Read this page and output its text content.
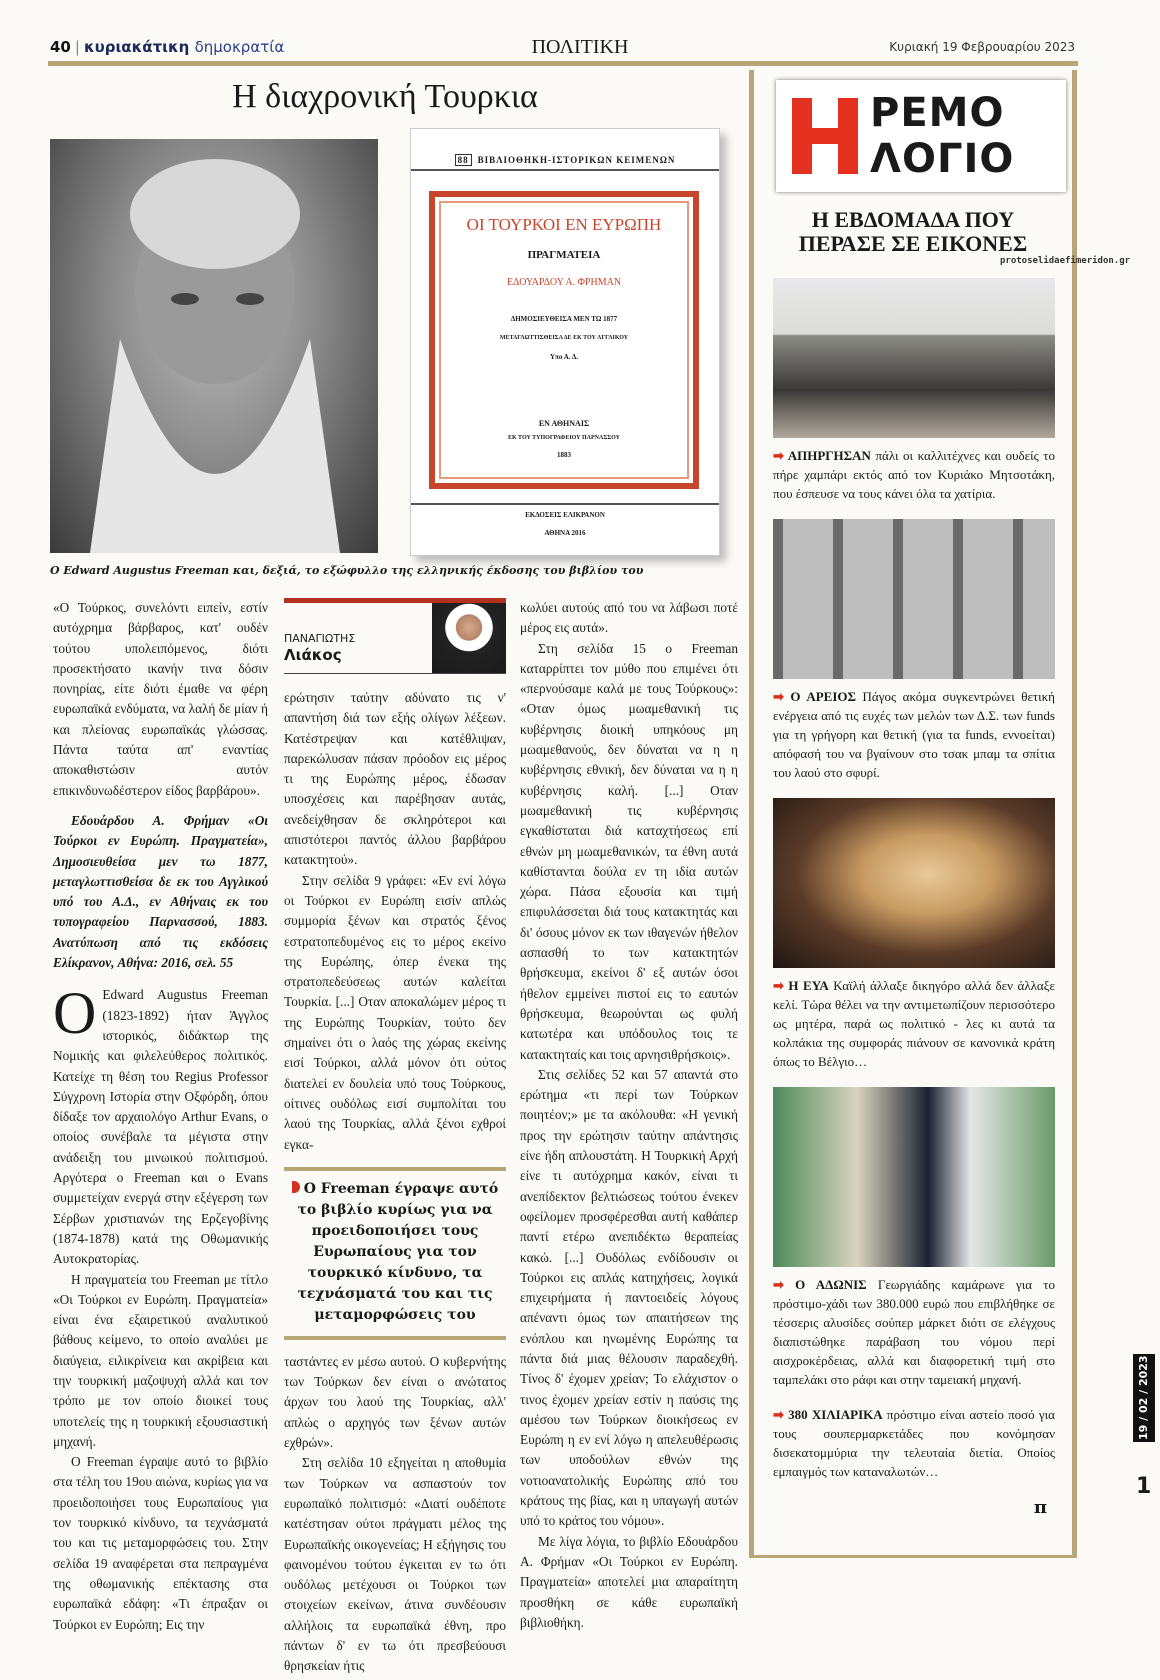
40 | κυριακάτικη δημοκρατία	ΠΟΛΙΤΙΚΗ	Κυριακή 19 Φεβρουαρίου 2023
Η διαχρονική Τουρκια
88 ΒΙΒΛΙΟΘΗΚΗ-ΙΣΤΟΡΙΚΩΝ ΚΕΙΜΕΝΩΝ
ΟΙ ΤΟΥΡΚΟΙ ΕΝ ΕΥΡΩΠΗ
ΠΡΑΓΜΑΤΕΙΑ
ΕΔΟΥΑΡΔΟΥ Α. ΦΡΗΜΑΝ
ΔΗΜΟΣΙΕΥΘΕΙΣΑ ΜΕΝ ΤΩ 1877
ΜΕΤΑΓΛΩΤΤΙΣΘΕΙΣΑ ΔΕ ΕΚ ΤΟΥ ΑΓΓΛΙΚΟΥ
Υπο Α. Δ.
ΕΝ ΑΘΗΝΑΙΣ
ΕΚ ΤΟΥ ΤΥΠΟΓΡΑΦΕΙΟΥ ΠΑΡΝΑΣΣΟΥ
1883
ΕΚΔΟΣΕΙΣ ΕΛΙΚΡΑΝΟΝ
ΑΘΗΝΑ 2016
Ο Edward Augustus Freeman και, δεξιά, το εξώφυλλο της ελληνικής έκδοσης του βιβλίου του

«Ο Τούρκος, συνελόντι ειπείν, εστίν αυτόχρημα βάρβαρος, κατ' ουδέν τούτου υπολειπόμενος, διότι προσεκτήσατο ικανήν τινα δόσιν πονηρίας, είτε διότι έμαθε να φέρη ευρωπαϊκά ενδύματα, να λαλή δε μίαν ή και πλείονας ευρωπαϊκάς γλώσσας. Πάντα ταύτα απ' εναντίας αποκαθιστώσιν αυτόν επικινδυνωδέστερον είδος βαρβάρου».

Εδουάρδου Α. Φρήμαν «Οι Τούρκοι εν Ευρώπη. Πραγματεία», Δημοσιευθείσα μεν τω 1877, μεταγλωττισθείσα δε εκ του Αγγλικού υπό του Α.Δ., εν Αθήναις εκ του τυπογραφείου Παρνασσού, 1883. Ανατύπωση από τις εκδόσεις Ελίκρανον, Αθήνα: 2016, σελ. 55

Ο Edward Augustus Freeman (1823-1892) ήταν Άγγλος ιστορικός, διδάκτωρ της Νομικής και φιλελεύθερος πολιτικός. Κατείχε τη θέση του Regius Professor Σύγχρονη Ιστορία στην Οξφόρδη, όπου δίδαξε τον αρχαιολόγο Arthur Evans, ο οποίος συνέβαλε τα μέγιστα στην ανάδειξη του μινωικού πολιτισμού. Αργότερα ο Freeman και ο Evans συμμετείχαν ενεργά στην εξέγερση των Σέρβων χριστιανών της Ερζεγοβίνης (1874-1878) κατά της Οθωμανικής Αυτοκρατορίας.

Η πραγματεία του Freeman με τίτλο «Οι Τούρκοι εν Ευρώπη. Πραγματεία» είναι ένα εξαιρετικού αναλυτικού βάθους κείμενο, το οποίο αναλύει με διαύγεια, ειλικρίνεια και ακρίβεια και την τουρκική μαζοψυχή αλλά και τον τρόπο με τον οποίο διοικεί τους υποτελείς της η τουρκική εξουσιαστική μηχανή.

Ο Freeman έγραψε αυτό το βιβλίο στα τέλη του 19ου αιώνα, κυρίως για να προειδοποιήσει τους Ευρωπαίους για τον τουρκικό κίνδυνο, τα τεχνάσματά του και τις μεταμορφώσεις του. Στην σελίδα 19 αναφέρεται στα πεπραγμένα της οθωμανικής επέκτασης στα ευρωπαϊκά εδάφη: «Τι έπραξαν οι Τούρκοι εν Ευρώπη; Εις την

ΠΑΝΑΓΙΩΤΗΣ
Λιάκος

ερώτησιν ταύτην αδύνατο τις ν' απαντήση διά των εξής ολίγων λέξεων. Κατέστρεψαν και κατέθλιψαν, παρεκώλυσαν πάσαν πρόοδον εις μέρος τι της Ευρώπης μέρος, έδωσαν υποσχέσεις και παρέβησαν αυτάς, ανεδείχθησαν δε σκληρότεροι και απιστότεροι παντός άλλου βαρβάρου κατακτητού».

Στην σελίδα 9 γράφει: «Εν ενί λόγω οι Τούρκοι εν Ευρώπη εισίν απλώς συμμορία ξένων και στρατός ξένος εστρατοπεδυμένος εις το μέρος εκείνο της Ευρώπης, όπερ ένεκα της στρατοπεδεύσεως αυτών καλείται Τουρκία. [...] Οταν αποκαλώμεν μέρος τι της Ευρώπης Τουρκίαν, τούτο δεν σημαίνει ότι ο λαός της χώρας εκείνης εισί Τούρκοι, αλλά μόνον ότι ούτος διατελεί εν δουλεία υπό τους Τούρκους, οίτινες ουδόλως εισί συμπολίται του λαού της Τουρκίας, αλλά ξένοι εχθροί εγκα-

Ο Freeman έγραψε αυτό το βιβλίο κυρίως για να προειδοποιήσει τους Ευρωπαίους για τον τουρκικό κίνδυνο, τα τεχνάσματά του και τις μεταμορφώσεις του

ταστάντες εν μέσω αυτού. Ο κυβερνήτης των Τούρκων δεν είναι ο ανώτατος άρχων του λαού της Τουρκίας, αλλ' απλώς ο αρχηγός των ξένων αυτών εχθρών».

Στη σελίδα 10 εξηγείται η αποθυμία των Τούρκων να ασπαστούν τον ευρωπαϊκό πολιτισμό: «Διατί ουδέποτε κατέστησαν ούτοι πράγματι μέλος της Ευρωπαϊκής οικογενείας; Η εξήγησις του φαινομένου τούτου έγκειται εν τω ότι ουδόλως μετέχουσι οι Τούρκοι των στοιχείων εκείνων, άτινα συνδέουσιν αλλήλοις τα ευρωπαϊκά έθνη, προ πάντων δ' εν τω ότι πρεσβεύουσι θρησκείαν ήτις

κωλύει αυτούς από του να λάβωσι ποτέ μέρος εις αυτά».

Στη σελίδα 15 ο Freeman καταρρίπτει τον μύθο που επιμένει ότι «περνούσαμε καλά με τους Τούρκους»: «Οταν όμως μωαμεθανική τις κυβέρνησις διοική υπηκόους μη μωαμεθανούς, δεν δύναται να η η κυβέρνησις εθνική, δεν δύναται να η η κυβέρνησις καλή. [...] Οταν μωαμεθανική τις κυβέρνησις εγκαθίσταται διά καταχτήσεως επί εθνών μη μωαμεθανικών, τα έθνη αυτά καθίστανται δούλα εν τη ιδία αυτών χώρα. Πάσα εξουσία και τιμή επιφυλάσσεται διά τους κατακτητάς και δι' όσους μόνον εκ των ιθαγενών ήθελον ασπασθή το των κατακτητών θρήσκευμα, εκείνοι δ' εξ αυτών όσοι ήθελον εμμείνει πιστοί εις το εαυτών θρήσκευμα, θεωρούνται ως φυλή κατωτέρα και υπόδουλος τοις τε κατακτηταίς και τοις αρνησιθρήσκοις».

Στις σελίδες 52 και 57 απαντά στο ερώτημα «τι περί των Τούρκων ποιητέον;» με τα ακόλουθα: «Η γενική προς την ερώτησιν ταύτην απάντησις είνε ήδη απλουστάτη. Η Τουρκική Αρχή είνε τι αυτόχρημα κακόν, είναι τι ανεπίδεκτον βελτιώσεως τούτου ένεκεν οφείλομεν προσφέρεσθαι αυτή καθάπερ παντί ετέρω ανεπιδέκτω θεραπείας κακώ. [...] Ουδόλως ενδίδουσιν οι Τούρκοι εις απλάς κατηχήσεις, λογικά επιχειρήματα ή παντοειδείς λόγους απέναντι όμως των απαιτήσεων της ενόπλου και ηνωμένης Ευρώπης τα πάντα διά μιας θέλουσιν παραδεχθή. Τίνος δ' έχομεν χρείαν; Το ελάχιστον ο τινος έχομεν χρείαν εστίν η παύσις της αμέσου των Τούρκων διοικήσεως εν Ευρώπη η εν ενί λόγω η απελευθέρωσις των υποδούλων εθνών της νοτιοανατολικής Ευρώπης από του κράτους της βίας, και η υπαγωγή αυτών υπό το κράτος του νόμου».

Με λίγα λόγια, το βιβλίο Εδουάρδου Α. Φρήμαν «Οι Τούρκοι εν Ευρώπη. Πραγματεία» αποτελεί μια απαραίτητη προσθήκη σε κάθε ευρωπαϊκή βιβλιοθήκη.

ΡΕΜΟ
ΛΟΓΙΟ
Η ΕΒΔΟΜΑΔΑ ΠΟΥ
ΠΕΡΑΣΕ ΣΕ ΕΙΚΟΝΕΣ
protoselidaefimeridon.gr
➡ ΑΠΗΡΓΗΣΑΝ πάλι οι καλλιτέχνες και ουδείς το πήρε χαμπάρι εκτός από τον Κυριάκο Μητσοτάκη, που έσπευσε να τους κάνει όλα τα χατίρια.
➡ Ο ΑΡΕΙΟΣ Πάγος ακόμα συγκεντρώνει θετική ενέργεια από τις ευχές των μελών των Δ.Σ. των funds για τη γρήγορη και θετική (για τα funds, εννοείται) απόφασή του να βγαίνουν στο τσακ μπαμ τα σπίτια του λαού στο σφυρί.
➡ Η ΕΥΑ Καϊλή άλλαξε δικηγόρο αλλά δεν άλλαξε κελί. Τώρα θέλει να την αντιμετωπίζουν περισσότερο ως μητέρα, παρά ως πολιτικό - λες κι αυτά τα κολπάκια της συμφοράς πιάνουν σε κανονικά κράτη όπως το Βέλγιο…
➡ Ο ΑΔΩΝΙΣ Γεωργιάδης καμάρωνε για το πρόστιμο-χάδι των 380.000 ευρώ που επιβλήθηκε σε τέσσερις αλυσίδες σούπερ μάρκετ διότι σε ελέγχους διαπιστώθηκε παράβαση του νόμου περί αισχροκέρδειας, αλλά και διαφορετική τιμή στο ταμπελάκι στο ράφι και στην ταμειακή μηχανή.
➡ 380 ΧΙΛΙΑΡΙΚΑ πρόστιμο είναι αστείο ποσό για τους σουπερμαρκετάδες που κονόμησαν δισεκατομμύρια την τελευταία διετία. Οποίος εμπαιγμός των καταναλωτών…
π
19 / 02 / 2023
1
